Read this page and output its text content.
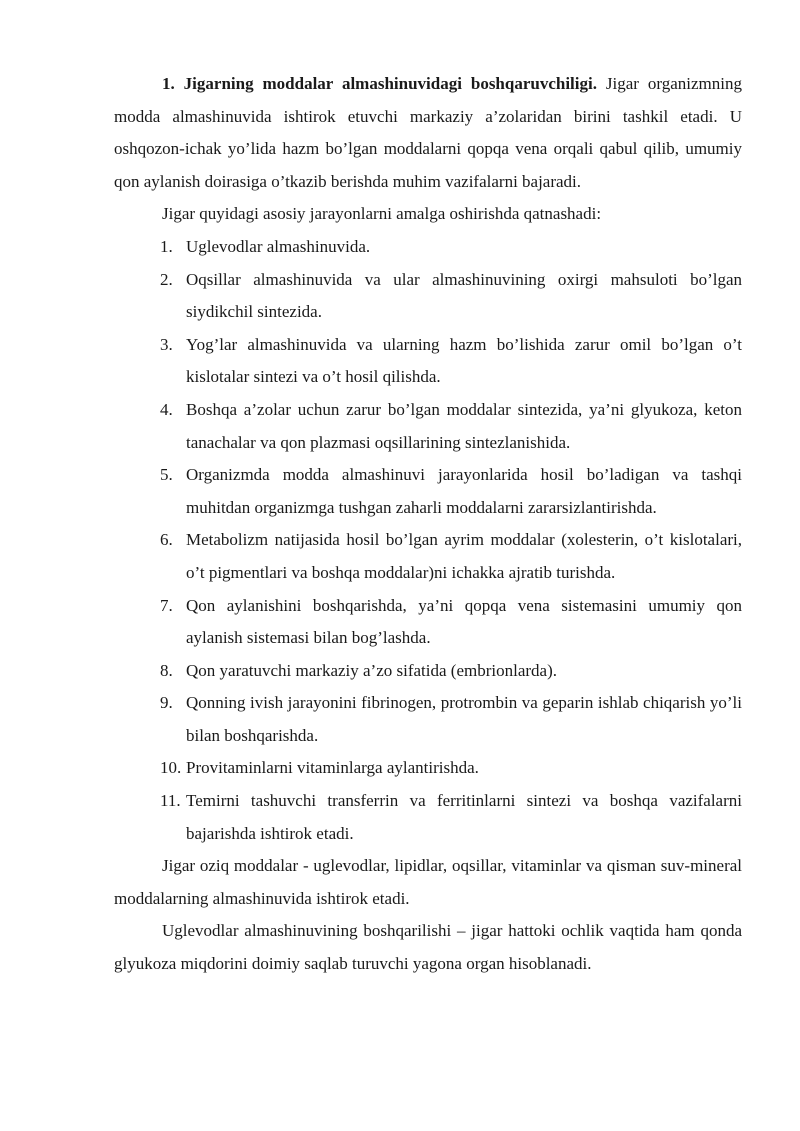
1. Jigarning moddalar almashinuvidagi boshqaruvchiligi. Jigar organizmning modda almashinuvida ishtirok etuvchi markaziy a’zolaridan birini tashkil etadi. U oshqozon-ichak yo’lida hazm bo’lgan moddalarni qopqa vena orqali qabul qilib, umumiy qon aylanish doirasiga o’tkazib berishda muhim vazifalarni bajaradi.

Jigar quyidagi asosiy jarayonlarni amalga oshirishda qatnashadi:

1. Uglevodlar almashinuvida.
2. Oqsillar almashinuvida va ular almashinuvining oxirgi mahsuloti bo’lgan siydikchil sintezida.
3. Yog’lar almashinuvida va ularning hazm bo’lishida zarur omil bo’lgan o’t kislotalar sintezi va o’t hosil qilishda.
4. Boshqa a’zolar uchun zarur bo’lgan moddalar sintezida, ya’ni glyukoza, keton tanachalar va qon plazmasi oqsillarining sintezlanishida.
5. Organizmda modda almashinuvi jarayonlarida hosil bo’ladigan va tashqi muhitdan organizmga tushgan zaharli moddalarni zararsizlantirishda.
6. Metabolizm natijasida hosil bo’lgan ayrim moddalar (xolesterin, o’t kislotalari, o’t pigmentlari va boshqa moddalar)ni ichakka ajratib turishda.
7. Qon aylanishini boshqarishda, ya’ni qopqa vena sistemasini umumiy qon aylanish sistemasi bilan bog’lashda.
8. Qon yaratuvchi markaziy a’zo sifatida (embrionlarda).
9. Qonning ivish jarayonini fibrinogen, protrombin va geparin ishlab chiqarish yo’li bilan boshqarishda.
10. Provitaminlarni vitaminlarga aylantirishda.
11. Temirni tashuvchi transferrin va ferritinlarni sintezi va boshqa vazifalarni bajarishda ishtirok etadi.

Jigar oziq moddalar - uglevodlar, lipidlar, oqsillar, vitaminlar va qisman suv-mineral moddalarning almashinuvida ishtirok etadi.

Uglevodlar almashinuvining boshqarilishi – jigar hattoki ochlik vaqtida ham qonda glyukoza miqdorini doimiy saqlab turuvchi yagona organ hisoblanadi.
